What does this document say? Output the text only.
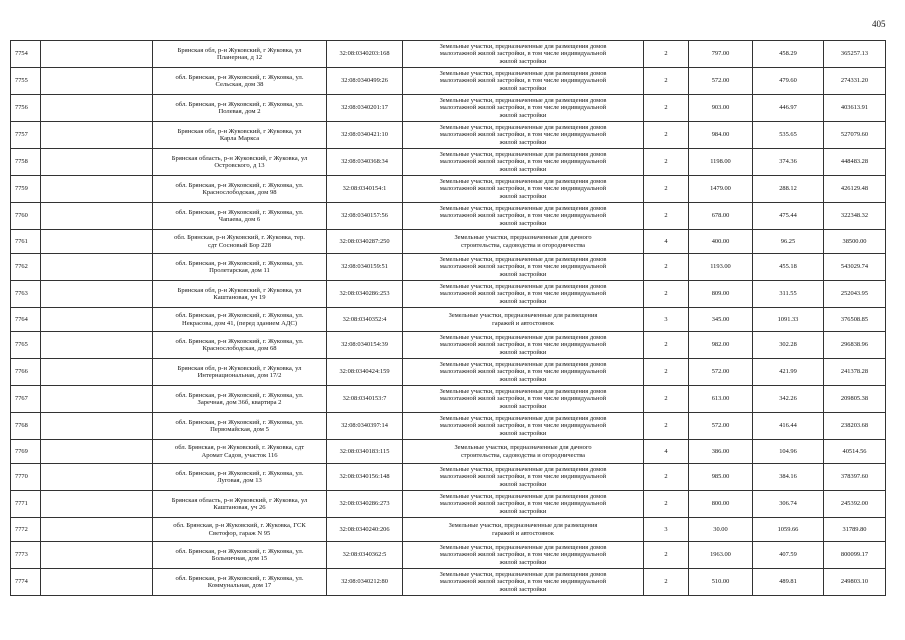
405
7754		Брянская обл, р-н Жуковский, г Жуковка, ул
Планерная, д 12	32:08:0340203:168	Земельные участки, предназначенные для размещения домов
малоэтажной жилой застройки, в том числе индивидуальной
жилой застройки	2	797.00	458.29	365257.13
7755		обл. Брянская, р-н Жуковский, г. Жуковка, ул.
Сельская, дом 38	32:08:0340499:26	Земельные участки, предназначенные для размещения домов
малоэтажной жилой застройки, в том числе индивидуальной
жилой застройки	2	572.00	479.60	274331.20
7756		обл. Брянская, р-н Жуковский, г. Жуковка, ул.
Полевая, дом 2	32:08:0340201:17	Земельные участки, предназначенные для размещения домов
малоэтажной жилой застройки, в том числе индивидуальной
жилой застройки	2	903.00	446.97	403613.91
7757		Брянская обл, р-н Жуковский, г Жуковка, ул
Карла Маркса	32:08:0340421:10	Земельные участки, предназначенные для размещения домов
малоэтажной жилой застройки, в том числе индивидуальной
жилой застройки	2	984.00	535.65	527079.60
7758		Брянская область, р-н Жуковский, г Жуковка, ул
Островского, д 13	32:08:0340368:34	Земельные участки, предназначенные для размещения домов
малоэтажной жилой застройки, в том числе индивидуальной
жилой застройки	2	1198.00	374.36	448483.28
7759		обл. Брянская, р-н Жуковский, г. Жуковка, ул.
Краснослободская, дом 98	32:08:0340154:1	Земельные участки, предназначенные для размещения домов
малоэтажной жилой застройки, в том числе индивидуальной
жилой застройки	2	1479.00	288.12	426129.48
7760		обл. Брянская, р-н Жуковский, г. Жуковка, ул.
Чапаева, дом 6	32:08:0340157:56	Земельные участки, предназначенные для размещения домов
малоэтажной жилой застройки, в том числе индивидуальной
жилой застройки	2	678.00	475.44	322348.32
7761		обл. Брянская, р-н Жуковский, г. Жуковка, тер.
сдт Сосновый Бор 228	32:08:0340287:250	Земельные участки, предназначенные для дачного
строительства, садоводства и огородничества	4	400.00	96.25	38500.00
7762		обл. Брянская, р-н Жуковский, г. Жуковка, ул.
Пролетарская, дом 11	32:08:0340159:51	Земельные участки, предназначенные для размещения домов
малоэтажной жилой застройки, в том числе индивидуальной
жилой застройки	2	1193.00	455.18	543029.74
7763		Брянская обл, р-н Жуковский, г Жуковка, ул
Каштановая, уч 19	32:08:0340286:253	Земельные участки, предназначенные для размещения домов
малоэтажной жилой застройки, в том числе индивидуальной
жилой застройки	2	809.00	311.55	252043.95
7764		обл. Брянская, р-н Жуковский, г. Жуковка, ул.
Некрасова, дом 41, (перед зданием АДС)	32:08:0340352:4	Земельные участки, предназначенные для размещения
гаражей и автостоянок	3	345.00	1091.33	376508.85
7765		обл. Брянская, р-н Жуковский, г. Жуковка, ул.
Краснослободская, дом 68	32:08:0340154:39	Земельные участки, предназначенные для размещения домов
малоэтажной жилой застройки, в том числе индивидуальной
жилой застройки	2	982.00	302.28	296838.96
7766		Брянская обл, р-н Жуковский, г Жуковка, ул
Интернациональная, дом 17/2	32:08:0340424:159	Земельные участки, предназначенные для размещения домов
малоэтажной жилой застройки, в том числе индивидуальной
жилой застройки	2	572.00	421.99	241378.28
7767		обл. Брянская, р-н Жуковский, г. Жуковка, ул.
Заречная, дом 36б, квартира 2	32:08:0340153:7	Земельные участки, предназначенные для размещения домов
малоэтажной жилой застройки, в том числе индивидуальной
жилой застройки	2	613.00	342.26	209805.38
7768		обл. Брянская, р-н Жуковский, г. Жуковка, ул.
Первомайская, дом 5	32:08:0340397:14	Земельные участки, предназначенные для размещения домов
малоэтажной жилой застройки, в том числе индивидуальной
жилой застройки	2	572.00	416.44	238203.68
7769		обл. Брянская, р-н Жуковский, г. Жуковка, сдт
Аромат Садов, участок 116	32:08:0340183:115	Земельные участки, предназначенные для дачного
строительства, садоводства и огородничества	4	386.00	104.96	40514.56
7770		обл. Брянская, р-н Жуковский, г. Жуковка, ул.
Луговая, дом 13	32:08:0340156:148	Земельные участки, предназначенные для размещения домов
малоэтажной жилой застройки, в том числе индивидуальной
жилой застройки	2	985.00	384.16	378397.60
7771		Брянская область, р-н Жуковский, г Жуковка, ул
Каштановая, уч 26	32:08:0340286:273	Земельные участки, предназначенные для размещения домов
малоэтажной жилой застройки, в том числе индивидуальной
жилой застройки	2	800.00	306.74	245392.00
7772		обл. Брянская, р-н Жуковский, г. Жуковка, ГСК
Светофор, гараж N 95	32:08:0340240:206	Земельные участки, предназначенные для размещения
гаражей и автостоянок	3	30.00	1059.66	31789.80
7773		обл. Брянская, р-н Жуковский, г. Жуковка, ул.
Больничная, дом 15	32:08:0340362:5	Земельные участки, предназначенные для размещения домов
малоэтажной жилой застройки, в том числе индивидуальной
жилой застройки	2	1963.00	407.59	800099.17
7774		обл. Брянская, р-н Жуковский, г. Жуковка, ул.
Коммунальная, дом 17	32:08:0340212:80	Земельные участки, предназначенные для размещения домов
малоэтажной жилой застройки, в том числе индивидуальной
жилой застройки	2	510.00	489.81	249803.10
